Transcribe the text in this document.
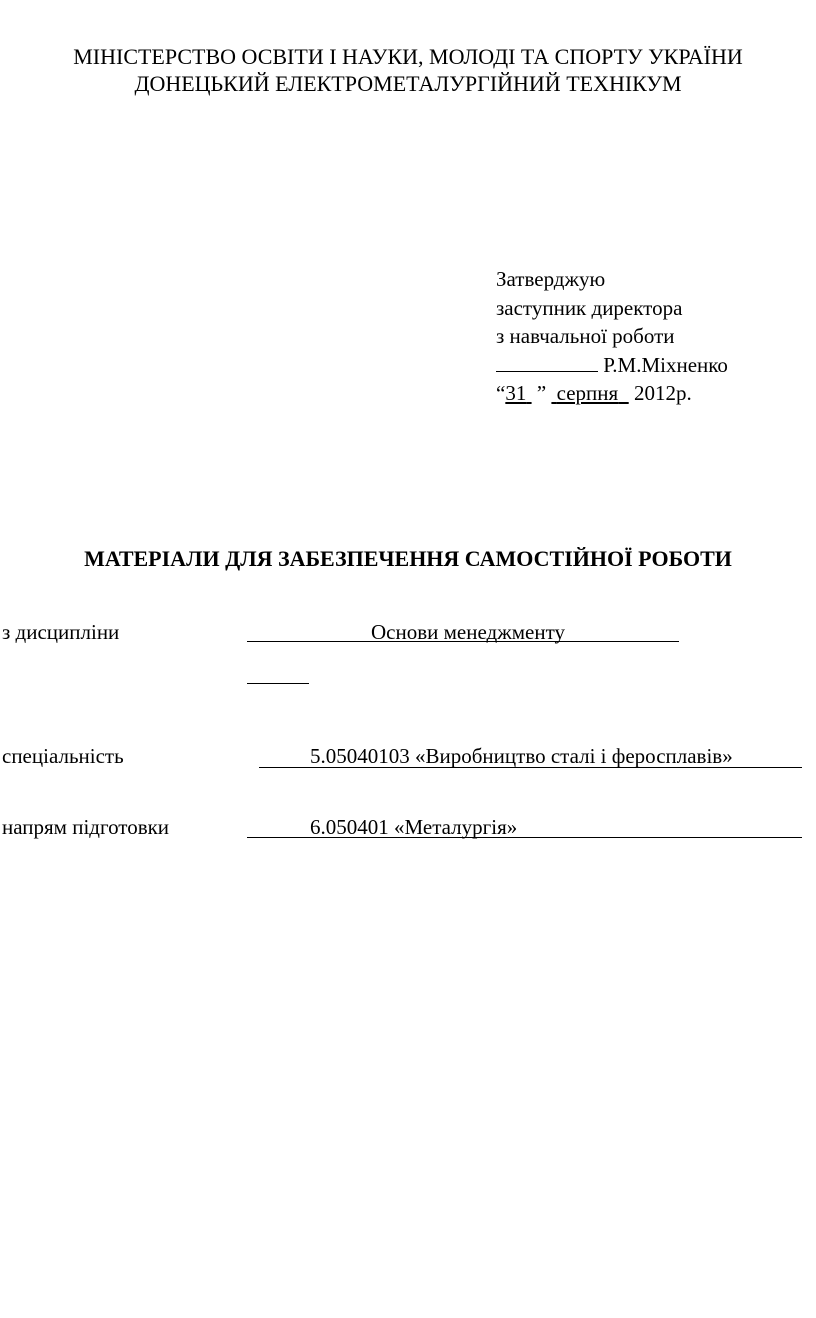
МІНІСТЕРСТВО ОСВІТИ І НАУКИ, МОЛОДІ ТА СПОРТУ УКРАЇНИ
ДОНЕЦЬКИЙ ЕЛЕКТРОМЕТАЛУРГІЙНИЙ ТЕХНІКУМ
Затверджую
заступник директора
з навчальної роботи
Р.М.Міхненко
“31 ” серпня 2012р.
МАТЕРІАЛИ ДЛЯ ЗАБЕЗПЕЧЕННЯ САМОСТІЙНОЇ РОБОТИ
з дисципліни	Основи менеджменту
спеціальність	5.05040103 «Виробництво сталі і феросплавів»
напрям підготовки	6.050401 «Металургія»
